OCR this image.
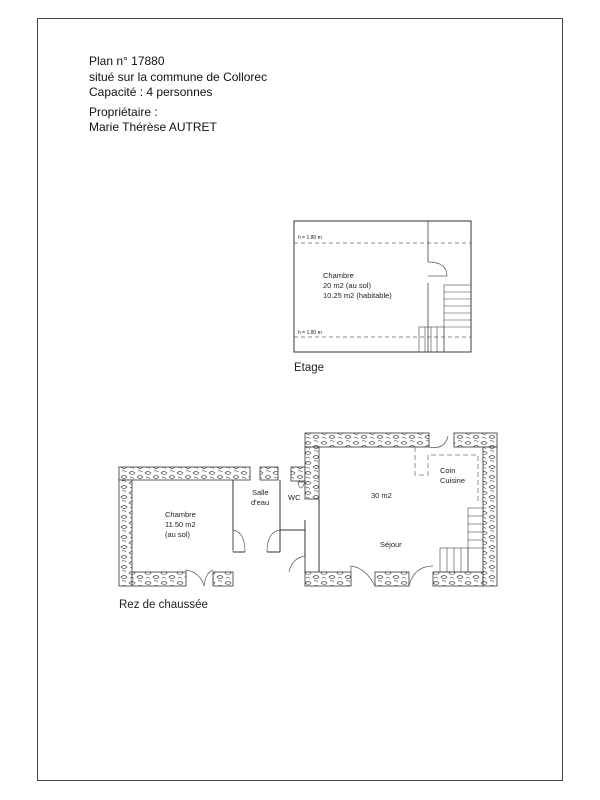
Plan n° 17880
situé sur la commune de Collorec
Capacité : 4 personnes
Propriétaire :
Marie Thérèse AUTRET
h = 1.80 m
h = 1.80 m
Chambre
20 m2 (au sol)
10.25 m2 (habitable)
Etage
Chambre
11.50 m2
(au sol)
Salle
d'eau
WC	30 m2
Coin
Cuisine
Séjour
Rez de chaussée
